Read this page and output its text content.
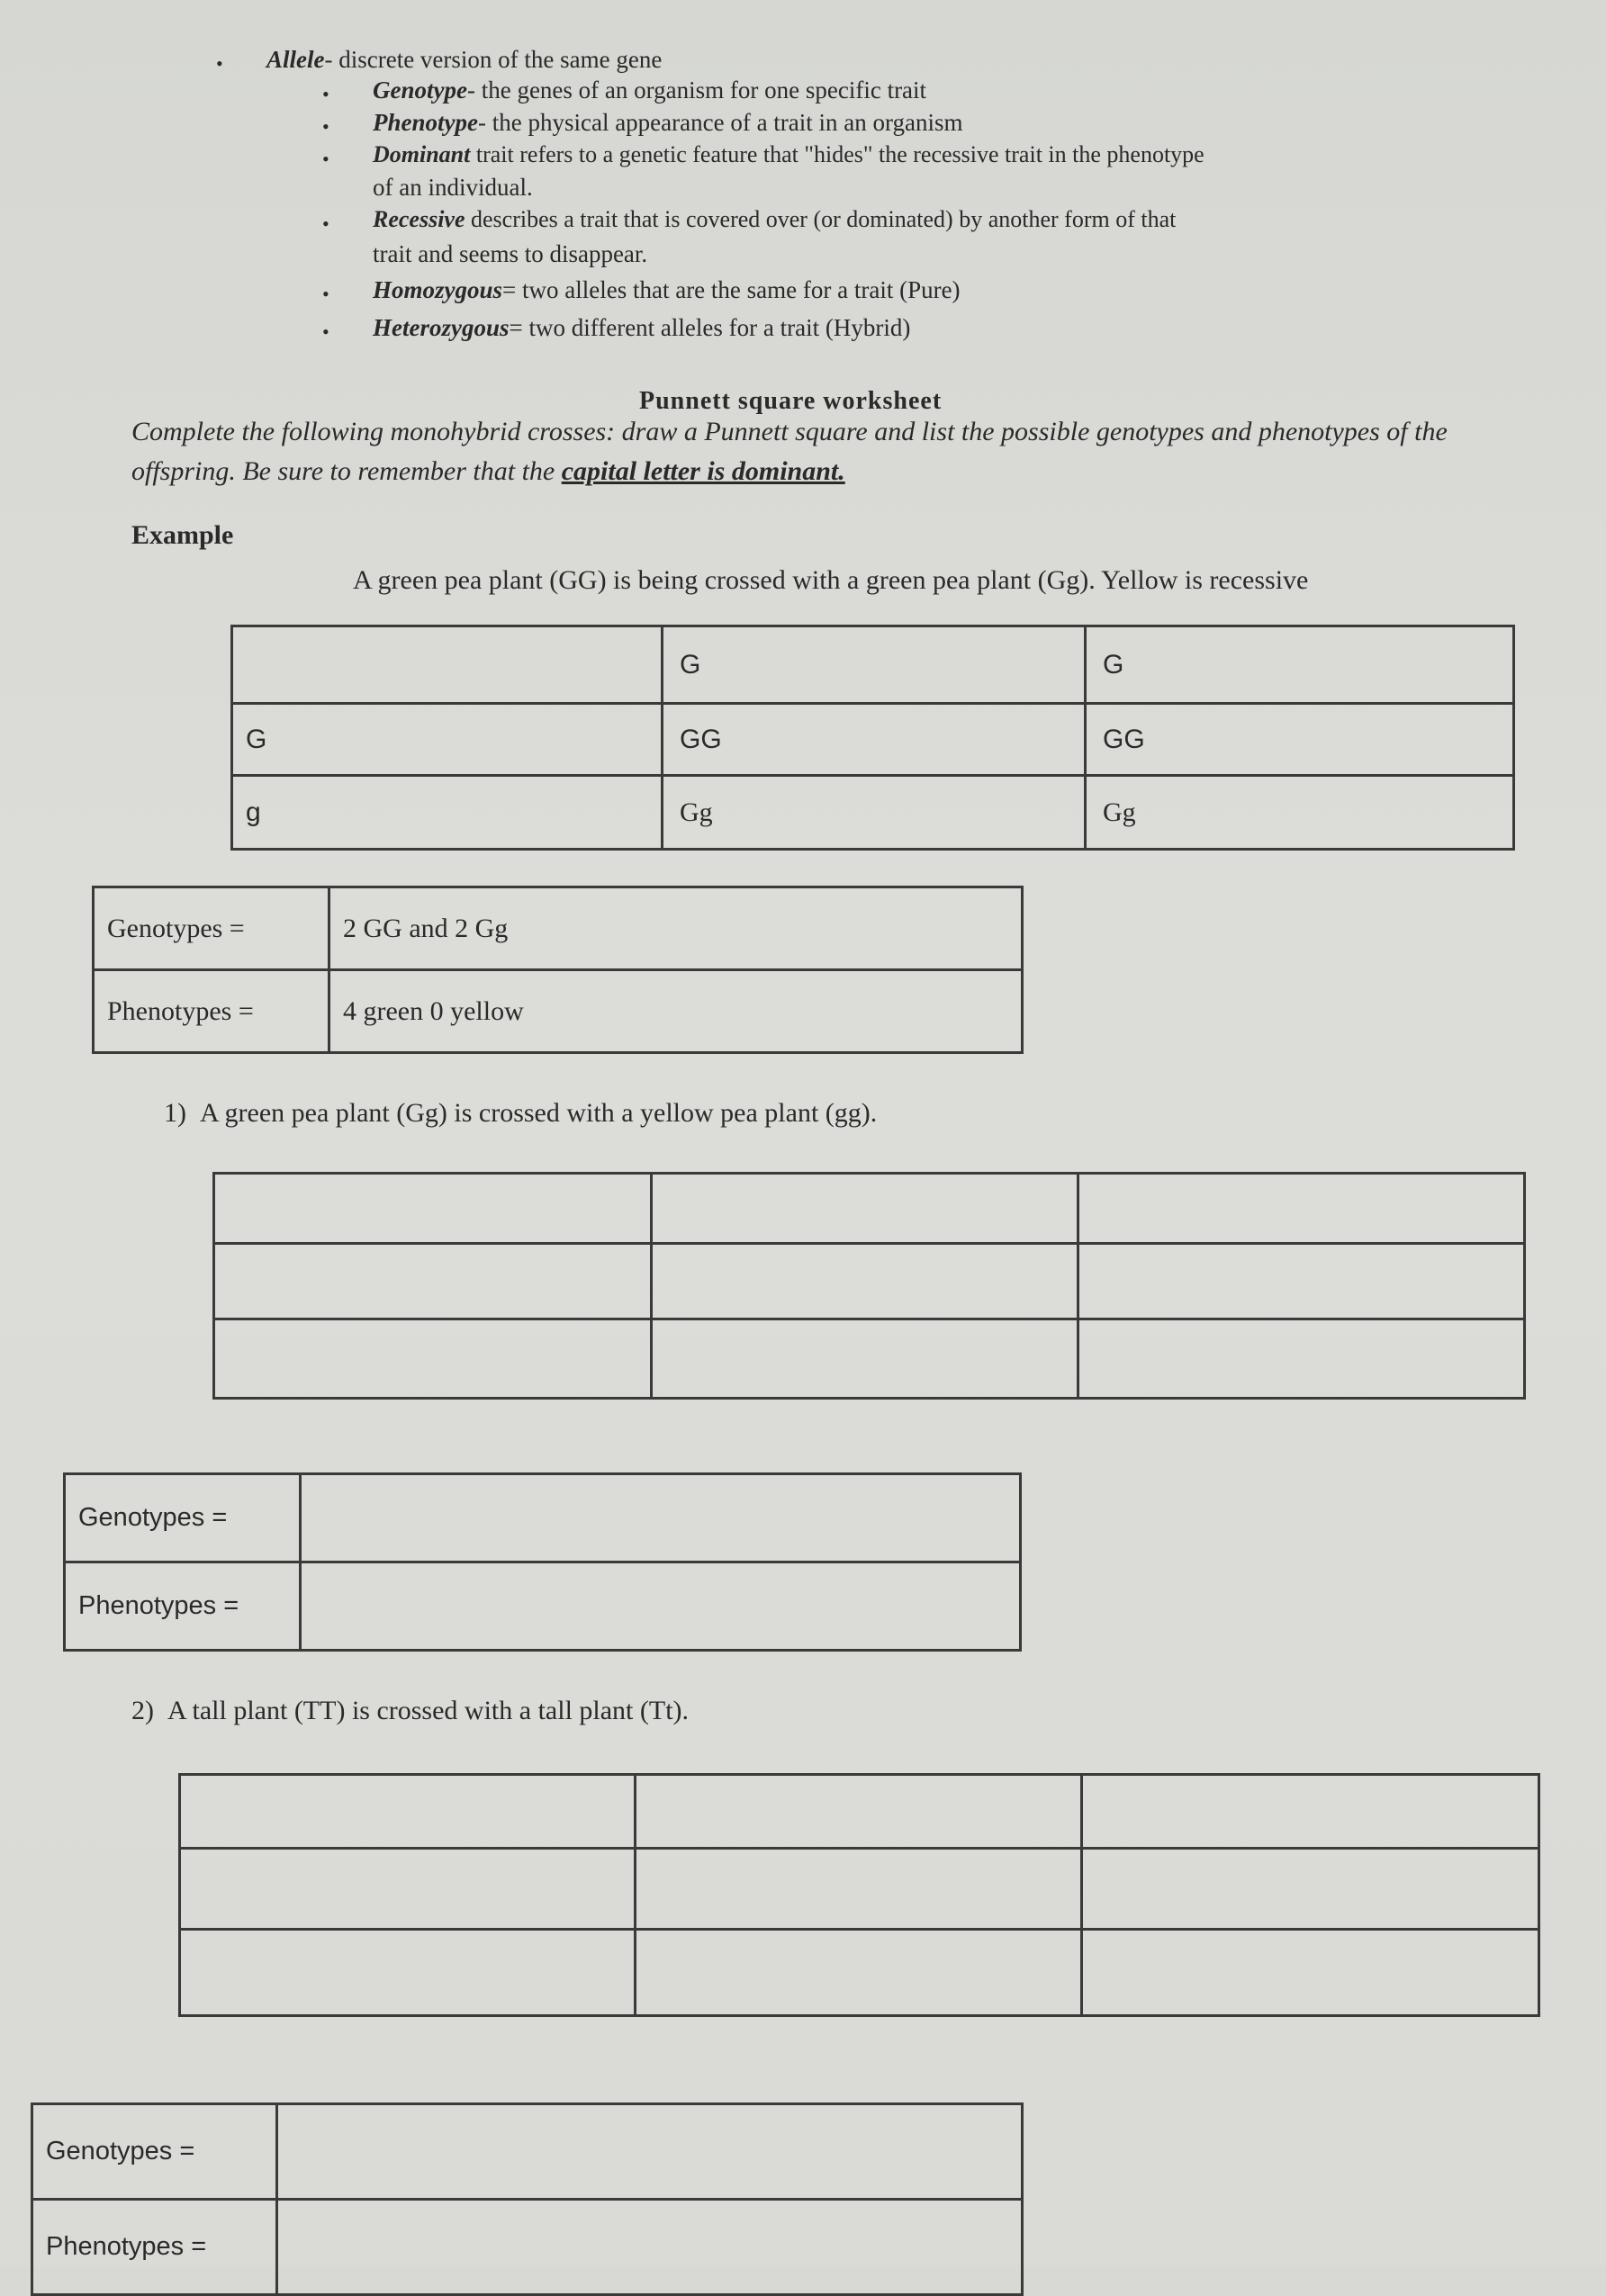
• Allele- discrete version of the same gene
• Genotype- the genes of an organism for one specific trait
• Phenotype- the physical appearance of a trait in an organism
• Dominant trait refers to a genetic feature that "hides" the recessive trait in the phenotype
of an individual.
• Recessive describes a trait that is covered over (or dominated) by another form of that
trait and seems to disappear.
• Homozygous= two alleles that are the same for a trait (Pure)
• Heterozygous= two different alleles for a trait (Hybrid)
Punnett square worksheet
Complete the following monohybrid crosses: draw a Punnett square and list the possible genotypes and phenotypes of the offspring. Be sure to remember that the capital letter is dominant.
Example
A green pea plant (GG) is being crossed with a green pea plant (Gg). Yellow is recessive
	G	G
G	GG	GG
g	Gg	Gg
Genotypes =	2 GG and 2 Gg
Phenotypes =	4 green 0 yellow
1) A green pea plant (Gg) is crossed with a yellow pea plant (gg).

Genotypes =	
Phenotypes =	
2) A tall plant (TT) is crossed with a tall plant (Tt).

Genotypes =	
Phenotypes =	
